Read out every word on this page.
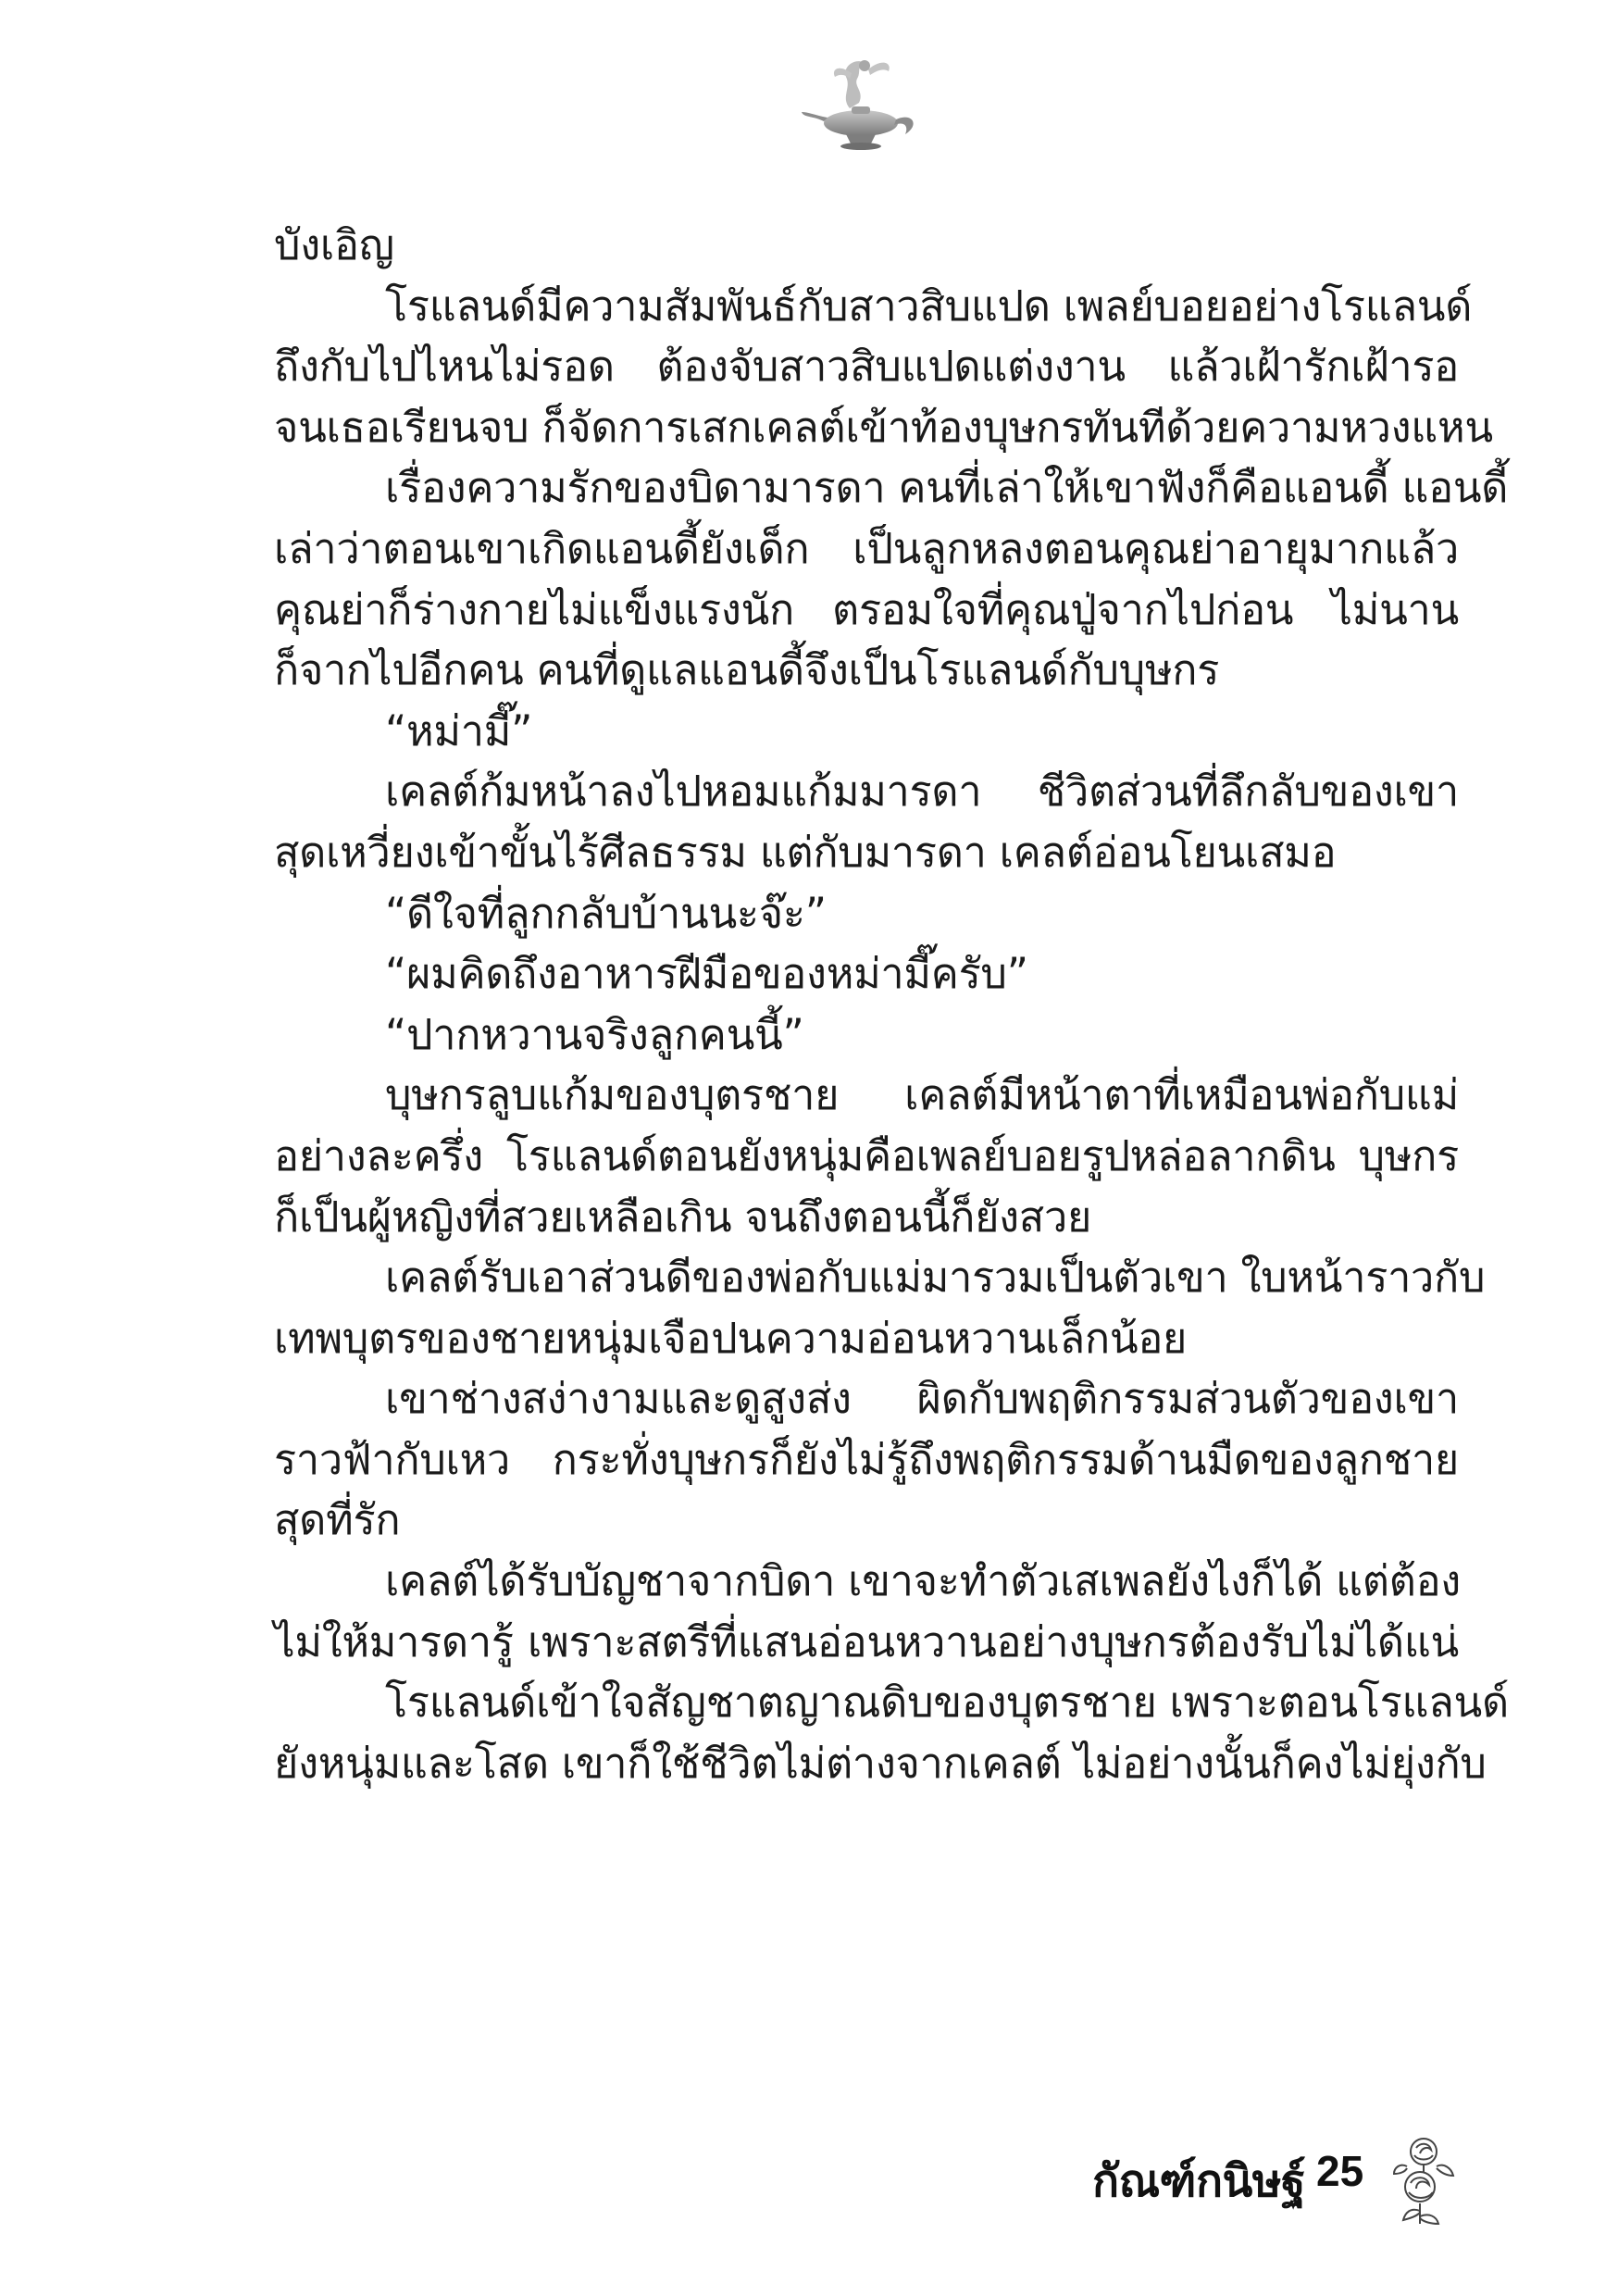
บังเอิญ
โรแลนด์มีความสัมพันธ์กับสาวสิบแปด เพลย์บอยอย่างโรแลนด์
ถึงกับไปไหนไม่รอด ต้องจับสาวสิบแปดแต่งงาน แล้วเฝ้ารักเฝ้ารอ
จนเธอเรียนจบ ก็จัดการเสกเคลต์เข้าท้องบุษกรทันทีด้วยความหวงแหน
เรื่องความรักของบิดามารดา คนที่เล่าให้เขาฟังก็คือแอนดี้ แอนดี้
เล่าว่าตอนเขาเกิดแอนดี้ยังเด็ก เป็นลูกหลงตอนคุณย่าอายุมากแล้ว
คุณย่าก็ร่างกายไม่แข็งแรงนัก ตรอมใจที่คุณปู่จากไปก่อน ไม่นาน
ก็จากไปอีกคน คนที่ดูแลแอนดี้จึงเป็นโรแลนด์กับบุษกร
“หม่ามี๊”
เคลต์ก้มหน้าลงไปหอมแก้มมารดา ชีวิตส่วนที่ลึกลับของเขา
สุดเหวี่ยงเข้าขั้นไร้ศีลธรรม แต่กับมารดา เคลต์อ่อนโยนเสมอ
“ดีใจที่ลูกกลับบ้านนะจ๊ะ”
“ผมคิดถึงอาหารฝีมือของหม่ามี๊ครับ”
“ปากหวานจริงลูกคนนี้”
บุษกรลูบแก้มของบุตรชาย เคลต์มีหน้าตาที่เหมือนพ่อกับแม่
อย่างละครึ่ง โรแลนด์ตอนยังหนุ่มคือเพลย์บอยรูปหล่อลากดิน บุษกร
ก็เป็นผู้หญิงที่สวยเหลือเกิน จนถึงตอนนี้ก็ยังสวย
เคลต์รับเอาส่วนดีของพ่อกับแม่มารวมเป็นตัวเขา ใบหน้าราวกับ
เทพบุตรของชายหนุ่มเจือปนความอ่อนหวานเล็กน้อย
เขาช่างสง่างามและดูสูงส่ง ผิดกับพฤติกรรมส่วนตัวของเขา
ราวฟ้ากับเหว กระทั่งบุษกรก็ยังไม่รู้ถึงพฤติกรรมด้านมืดของลูกชาย
สุดที่รัก
เคลต์ได้รับบัญชาจากบิดา เขาจะทำตัวเสเพลยังไงก็ได้ แต่ต้อง
ไม่ให้มารดารู้ เพราะสตรีที่แสนอ่อนหวานอย่างบุษกรต้องรับไม่ได้แน่
โรแลนด์เข้าใจสัญชาตญาณดิบของบุตรชาย เพราะตอนโรแลนด์
ยังหนุ่มและโสด เขาก็ใช้ชีวิตไม่ต่างจากเคลต์ ไม่อย่างนั้นก็คงไม่ยุ่งกับ
กัณฑ์กนิษฐ์ 25
